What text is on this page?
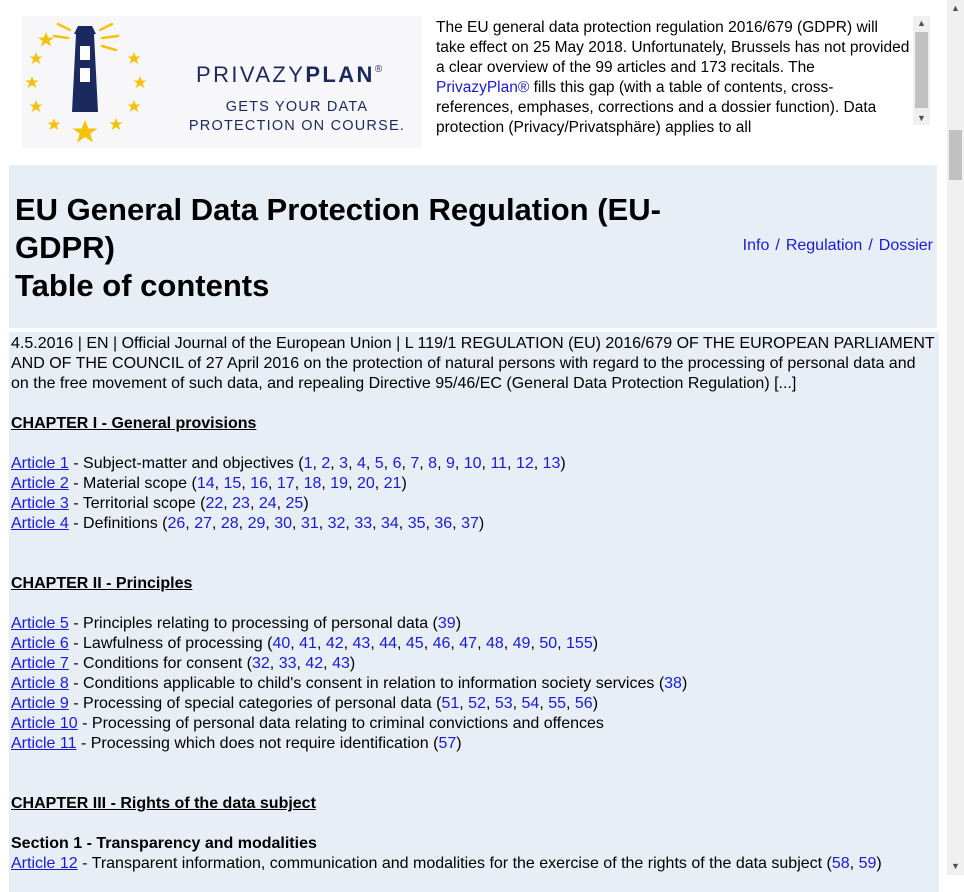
PRIVAZYPLAN®
GETS YOUR DATA PROTECTION ON COURSE.
The EU general data protection regulation 2016/679 (GDPR) will take effect on 25 May 2018. Unfortunately, Brussels has not provided a clear overview of the 99 articles and 173 recitals. The PrivazyPlan® fills this gap (with a table of contents, cross-references, emphases, corrections and a dossier function). Data protection (Privacy/Privatsphäre) applies to all
▲
▼
EU General Data Protection Regulation (EU-GDPR)
Table of contents
Info / Regulation / Dossier

4.5.2016 | EN | Official Journal of the European Union | L 119/1 REGULATION (EU) 2016/679 OF THE EUROPEAN PARLIAMENT AND OF THE COUNCIL of 27 April 2016 on the protection of natural persons with regard to the processing of personal data and on the free movement of such data, and repealing Directive 95/46/EC (General Data Protection Regulation) [...]

CHAPTER I - General provisions

Article 1 - Subject-matter and objectives (1, 2, 3, 4, 5, 6, 7, 8, 9, 10, 11, 12, 13)

Article 2 - Material scope (14, 15, 16, 17, 18, 19, 20, 21)

Article 3 - Territorial scope (22, 23, 24, 25)

Article 4 - Definitions (26, 27, 28, 29, 30, 31, 32, 33, 34, 35, 36, 37)

CHAPTER II - Principles

Article 5 - Principles relating to processing of personal data (39)

Article 6 - Lawfulness of processing (40, 41, 42, 43, 44, 45, 46, 47, 48, 49, 50, 155)

Article 7 - Conditions for consent (32, 33, 42, 43)

Article 8 - Conditions applicable to child's consent in relation to information society services (38)

Article 9 - Processing of special categories of personal data (51, 52, 53, 54, 55, 56)

Article 10 - Processing of personal data relating to criminal convictions and offences

Article 11 - Processing which does not require identification (57)

CHAPTER III - Rights of the data subject

Section 1 - Transparency and modalities

Article 12 - Transparent information, communication and modalities for the exercise of the rights of the data subject (58, 59)

▲
▼
